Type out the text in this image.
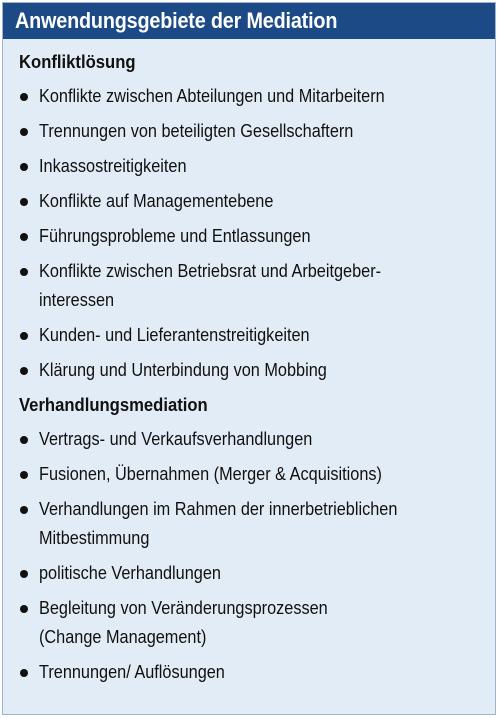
Anwendungsgebiete der Mediation
Konfliktlösung
Konflikte zwischen Abteilungen und Mitarbeitern
Trennungen von beteiligten Gesellschaftern
Inkassostreitigkeiten
Konflikte auf Managementebene
Führungsprobleme und Entlassungen
Konflikte zwischen Betriebsrat und Arbeitgeber-
interessen
Kunden- und Lieferantenstreitigkeiten
Klärung und Unterbindung von Mobbing
Verhandlungsmediation
Vertrags- und Verkaufsverhandlungen
Fusionen, Übernahmen (Merger & Acquisitions)
Verhandlungen im Rahmen der innerbetrieblichen
Mitbestimmung
politische Verhandlungen
Begleitung von Veränderungsprozessen
(Change Management)
Trennungen/ Auflösungen
